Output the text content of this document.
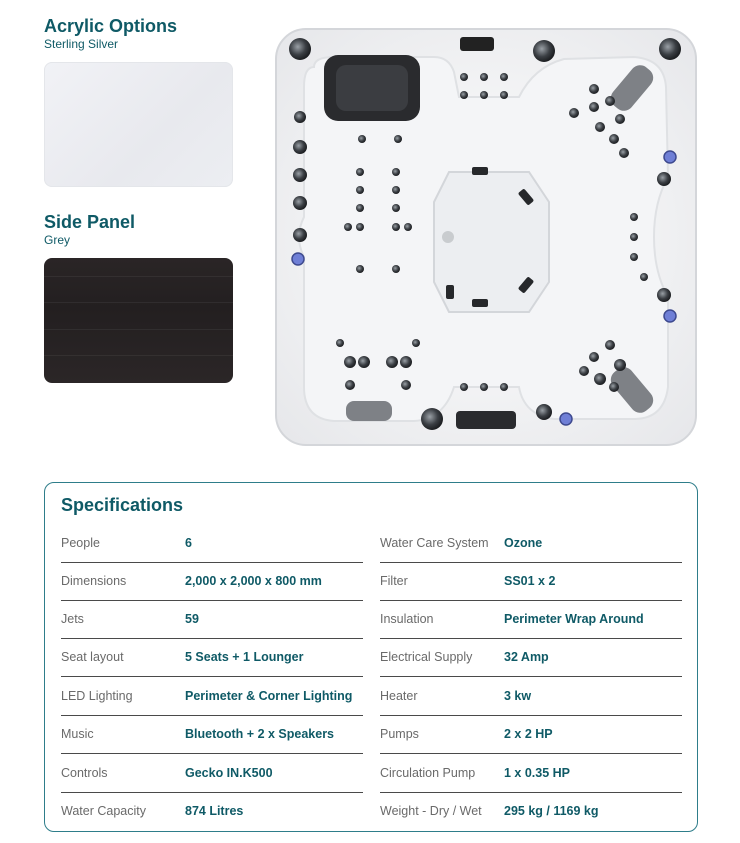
Acrylic Options
Sterling Silver
Side Panel
Grey
Specifications
People	6
Dimensions	2,000 x 2,000 x 800 mm
Jets	59
Seat layout	5 Seats + 1 Lounger
LED Lighting	Perimeter & Corner Lighting
Music	Bluetooth + 2 x Speakers
Controls	Gecko IN.K500
Water Capacity	874 Litres
Water Care System Ozone
Filter	SS01 x 2
Insulation	Perimeter Wrap Around
Electrical Supply	32 Amp
Heater	3 kw
Pumps	2 x 2 HP
Circulation Pump 1 x 0.35 HP
Weight - Dry / Wet 295 kg / 1169 kg
